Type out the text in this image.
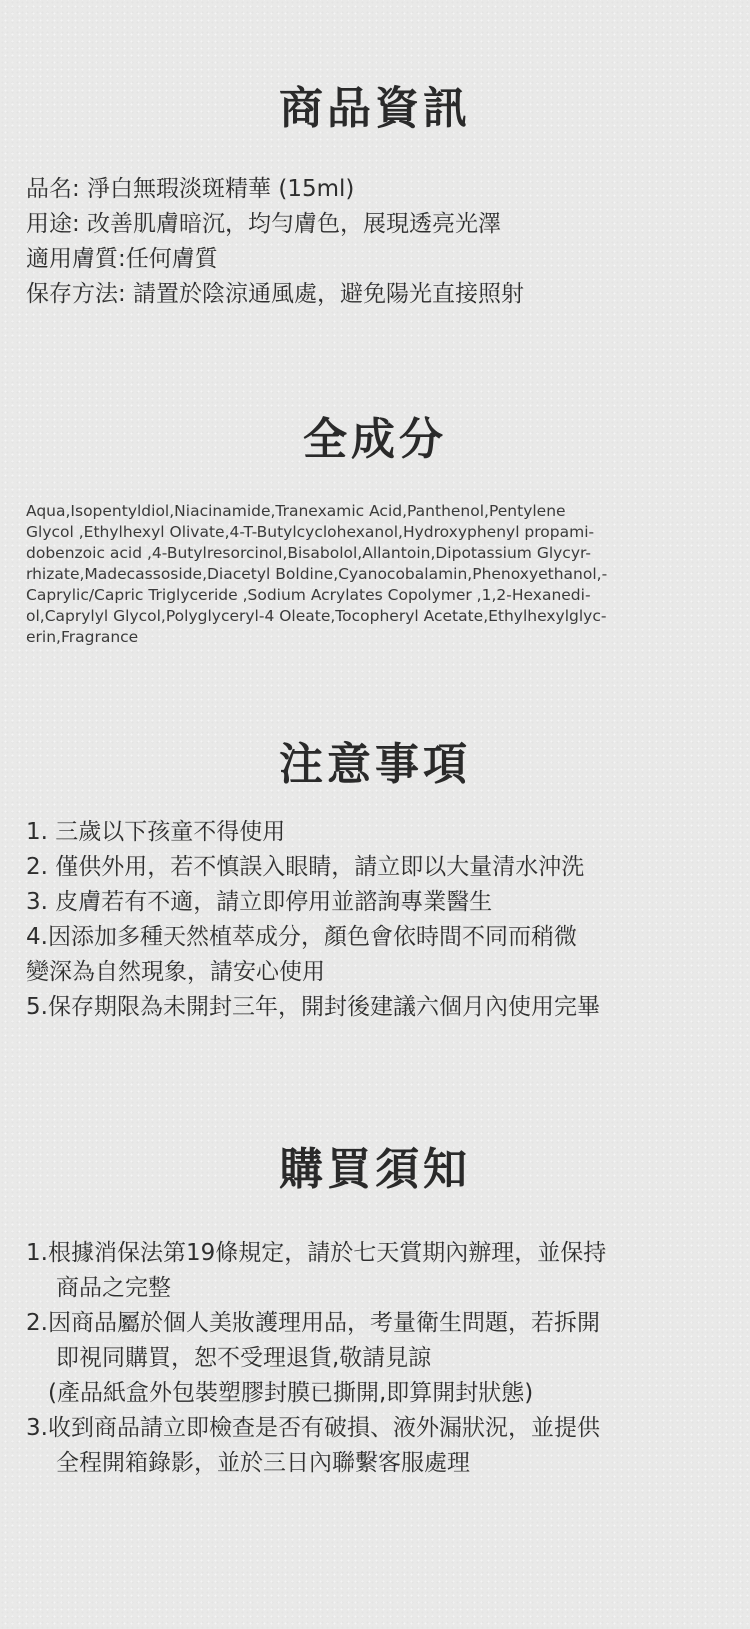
商品資訊
品名: 淨白無瑕淡斑精華 (15ml)
用途: 改善肌膚暗沉，均勻膚色，展現透亮光澤
適用膚質:任何膚質
保存方法: 請置於陰涼通風處，避免陽光直接照射
全成分
Aqua,Isopentyldiol,Niacinamide,Tranexamic Acid,Panthenol,Pentylene
Glycol ,Ethylhexyl Olivate,4-T-Butylcyclohexanol,Hydroxyphenyl propami-
dobenzoic acid ,4-Butylresorcinol,Bisabolol,Allantoin,Dipotassium Glycyr-
rhizate,Madecassoside,Diacetyl Boldine,Cyanocobalamin,Phenoxyethanol,-
Caprylic/Capric Triglyceride ,Sodium Acrylates Copolymer ,1,2-Hexanedi-
ol,Caprylyl Glycol,Polyglyceryl-4 Oleate,Tocopheryl Acetate,Ethylhexylglyc-
erin,Fragrance
注意事項
1. 三歲以下孩童不得使用
2. 僅供外用，若不慎誤入眼睛，請立即以大量清水沖洗
3. 皮膚若有不適，請立即停用並諮詢專業醫生
4.因添加多種天然植萃成分，顏色會依時間不同而稍微
變深為自然現象，請安心使用
5.保存期限為未開封三年，開封後建議六個月內使用完畢
購買須知
1.根據消保法第19條規定，請於七天賞期內辦理，並保持
商品之完整
2.因商品屬於個人美妝護理用品，考量衛生問題，若拆開
即視同購買，恕不受理退貨,敬請見諒
(產品紙盒外包裝塑膠封膜已撕開,即算開封狀態)
3.收到商品請立即檢查是否有破損、液外漏狀況，並提供
全程開箱錄影，並於三日內聯繫客服處理
